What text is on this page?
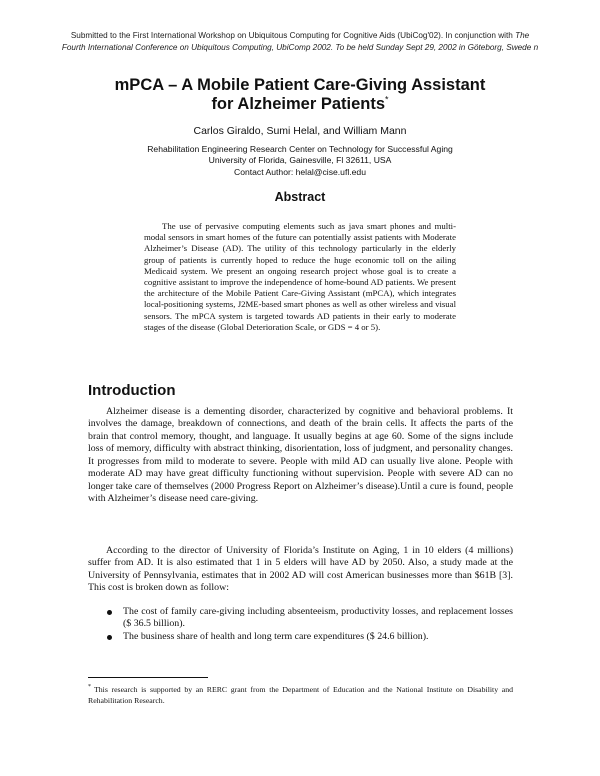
Submitted to the First International Workshop on Ubiquitous Computing for Cognitive Aids (UbiCog'02). In conjunction with The
Fourth International Conference on Ubiquitous Computing, UbiComp 2002. To be held Sunday Sept 29, 2002 in Göteborg, Swede n
mPCA – A Mobile Patient Care-Giving Assistant
for Alzheimer Patients*
Carlos Giraldo, Sumi Helal, and William Mann
Rehabilitation Engineering Research Center on Technology for Successful Aging
University of Florida, Gainesville, Fl 32611, USA
Contact Author: helal@cise.ufl.edu
Abstract

The use of pervasive computing elements such as java smart phones and multi-modal sensors in smart homes of the future can potentially assist patients with Moderate Alzheimer’s Disease (AD). The utility of this technology particularly in the elderly group of patients is currently hoped to reduce the huge economic toll on the ailing Medicaid system. We present an ongoing research project whose goal is to create a cognitive assistant to improve the independence of home-bound AD patients. We present the architecture of the Mobile Patient Care-Giving Assistant (mPCA), which integrates local-positioning systems, J2ME-based smart phones as well as other wireless and visual sensors. The mPCA system is targeted towards AD patients in their early to moderate stages of the disease (Global Deterioration Scale, or GDS = 4 or 5).

Introduction

Alzheimer disease is a dementing disorder, characterized by cognitive and behavioral problems. It involves the damage, breakdown of connections, and death of the brain cells. It affects the parts of the brain that control memory, thought, and language. It usually begins at age 60. Some of the signs include loss of memory, difficulty with abstract thinking, disorientation, loss of judgment, and personality changes. It progresses from mild to moderate to severe. People with mild AD can usually live alone. People with moderate AD may have great difficulty functioning without supervision. People with severe AD can no longer take care of themselves (2000 Progress Report on Alzheimer’s disease).Until a cure is found, people with Alzheimer’s disease need care-giving.

According to the director of University of Florida’s Institute on Aging, 1 in 10 elders (4 millions) suffer from AD. It is also estimated that 1 in 5 elders will have AD by 2050. Also, a study made at the University of Pennsylvania, estimates that in 2002 AD will cost American businesses more than $61B [3]. This cost is broken down as follow:

The cost of family care-giving including absenteeism, productivity losses, and replacement losses ($ 36.5 billion).
The business share of health and long term care expenditures ($ 24.6 billion).
* This research is supported by an RERC grant from the Department of Education and the National Institute on Disability and Rehabilitation Research.
